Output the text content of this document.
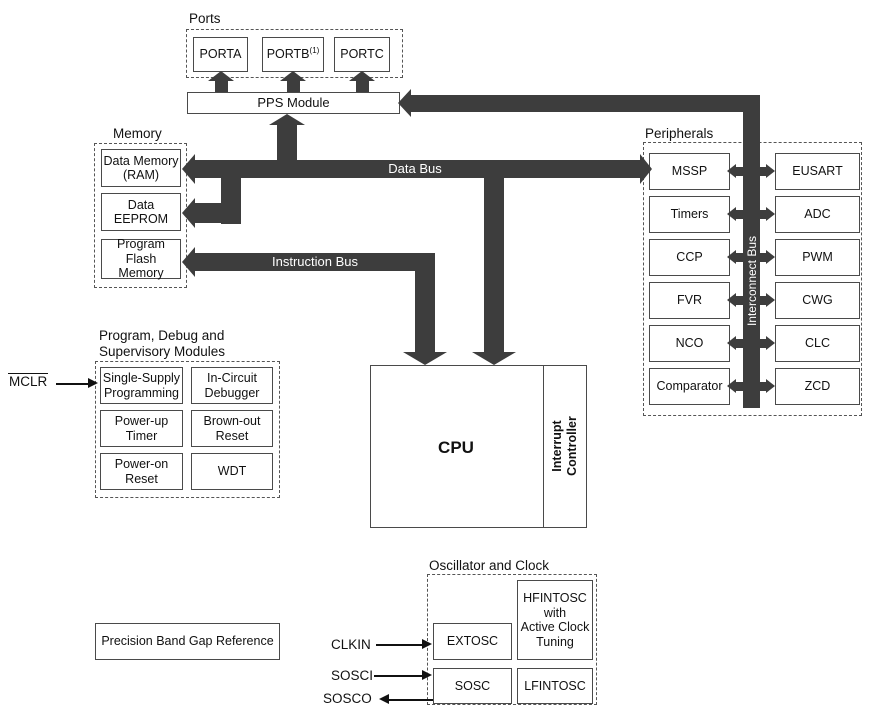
Ports
PORTA PORTB$^{(1)}$ PORTC
PPS Module
Memory
Data Memory
(RAM)
Data
EEPROM
Program
Flash Memory
Peripherals
MSSP	EUSART
Timers	ADC
CCP	PWM
FVR	CWG
NCO	CLC
Comparator	ZCD
Program, Debug and
Supervisory Modules
Single-Supply
Programming
In-Circuit
Debugger
Power-up
Timer
Brown-out
Reset
Power-on
Reset
WDT
MCLR
Data Bus
Instruction Bus	Interconnect Bus
CPU	Interrupt Controller
Oscillator and Clock
HFINTOSC
with
Active Clock
Tuning
EXTOSC
SOSC	LFINTOSC
CLKIN
SOSCI
SOSCO
Precision Band Gap Reference
